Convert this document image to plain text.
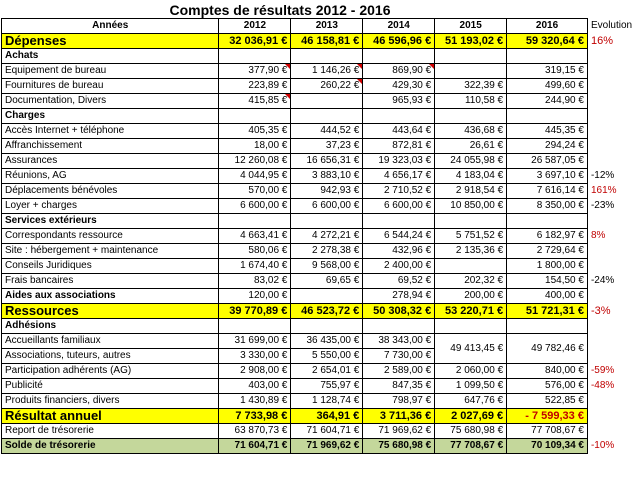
Comptes de résultats 2012 - 2016
Années	2012	2013	2014	2015	2016	Evolution
Dépenses	32 036,91 €	46 158,81 €	46 596,96 €	51 193,02 €	59 320,64 €	16%
Achats						
Equipement de bureau	377,90 €	1 146,26 €	869,90 €		319,15 €	
Fournitures de bureau	223,89 €	260,22 €	429,30 €	322,39 €	499,60 €	
Documentation, Divers	415,85 €		965,93 €	110,58 €	244,90 €	
Charges						
Accès Internet + téléphone	405,35 €	444,52 €	443,64 €	436,68 €	445,35 €	
Affranchissement	18,00 €	37,23 €	872,81 €	26,61 €	294,24 €	
Assurances	12 260,08 €	16 656,31 €	19 323,03 €	24 055,98 €	26 587,05 €	
Réunions, AG	4 044,95 €	3 883,10 €	4 656,17 €	4 183,04 €	3 697,10 €	-12%
Déplacements bénévoles	570,00 €	942,93 €	2 710,52 €	2 918,54 €	7 616,14 €	161%
Loyer + charges	6 600,00 €	6 600,00 €	6 600,00 €	10 850,00 €	8 350,00 €	-23%
Services extérieurs						
Correspondants ressource	4 663,41 €	4 272,21 €	6 544,24 €	5 751,52 €	6 182,97 €	8%
Site : hébergement + maintenance	580,06 €	2 278,38 €	432,96 €	2 135,36 €	2 729,64 €	
Conseils Juridiques	1 674,40 €	9 568,00 €	2 400,00 €		1 800,00 €	
Frais bancaires	83,02 €	69,65 €	69,52 €	202,32 €	154,50 €	-24%
Aides aux associations	120,00 €		278,94 €	200,00 €	400,00 €	
Ressources	39 770,89 €	46 523,72 €	50 308,32 €	53 220,71 €	51 721,31 €	-3%
Adhésions						
Accueillants familiaux	31 699,00 €	36 435,00 €	38 343,00 €	49 413,45 €	49 782,46 €	
Associations, tuteurs, autres	3 330,00 €	5 550,00 €	7 730,00 €			
Participation adhérents (AG)	2 908,00 €	2 654,01 €	2 589,00 €	2 060,00 €	840,00 €	-59%
Publicité	403,00 €	755,97 €	847,35 €	1 099,50 €	576,00 €	-48%
Produits financiers, divers	1 430,89 €	1 128,74 €	798,97 €	647,76 €	522,85 €	
Résultat annuel	7 733,98 €	364,91 €	3 711,36 €	2 027,69 €	- 7 599,33 €	
Report de trésorerie	63 870,73 €	71 604,71 €	71 969,62 €	75 680,98 €	77 708,67 €	
Solde de trésorerie	71 604,71 €	71 969,62 €	75 680,98 €	77 708,67 €	70 109,34 €	-10%
